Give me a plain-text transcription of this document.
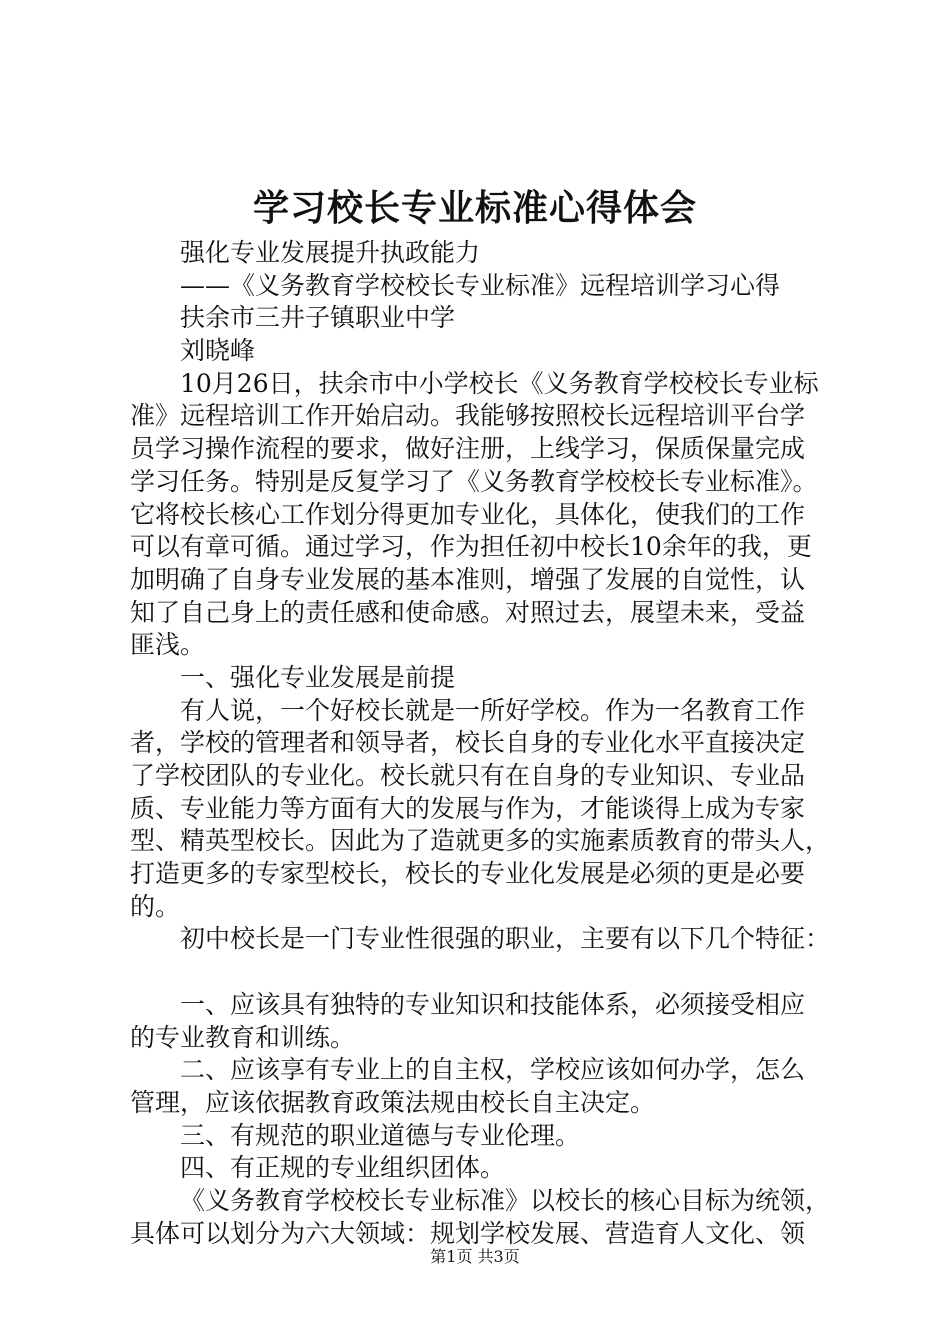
学习校长专业标准心得体会
强化专业发展提升执政能力
——《义务教育学校校长专业标准》远程培训学习心得
扶余市三井子镇职业中学
刘晓峰
10月26日，扶余市中小学校长《义务教育学校校长专业标
准》远程培训工作开始启动。我能够按照校长远程培训平台学
员学习操作流程的要求，做好注册，上线学习，保质保量完成
学习任务。特别是反复学习了《义务教育学校校长专业标准》。
它将校长核心工作划分得更加专业化，具体化，使我们的工作
可以有章可循。通过学习，作为担任初中校长10余年的我，更
加明确了自身专业发展的基本准则，增强了发展的自觉性，认
知了自己身上的责任感和使命感。对照过去，展望未来，受益
匪浅。
一、强化专业发展是前提
有人说，一个好校长就是一所好学校。作为一名教育工作
者，学校的管理者和领导者，校长自身的专业化水平直接决定
了学校团队的专业化。校长就只有在自身的专业知识、专业品
质、专业能力等方面有大的发展与作为，才能谈得上成为专家
型、精英型校长。因此为了造就更多的实施素质教育的带头人，
打造更多的专家型校长，校长的专业化发展是必须的更是必要
的。
初中校长是一门专业性很强的职业，主要有以下几个特征：
一、应该具有独特的专业知识和技能体系，必须接受相应
的专业教育和训练。
二、应该享有专业上的自主权，学校应该如何办学，怎么
管理，应该依据教育政策法规由校长自主决定。
三、有规范的职业道德与专业伦理。
四、有正规的专业组织团体。
《义务教育学校校长专业标准》以校长的核心目标为统领，
具体可以划分为六大领域：规划学校发展、营造育人文化、领
第1页 共3页
